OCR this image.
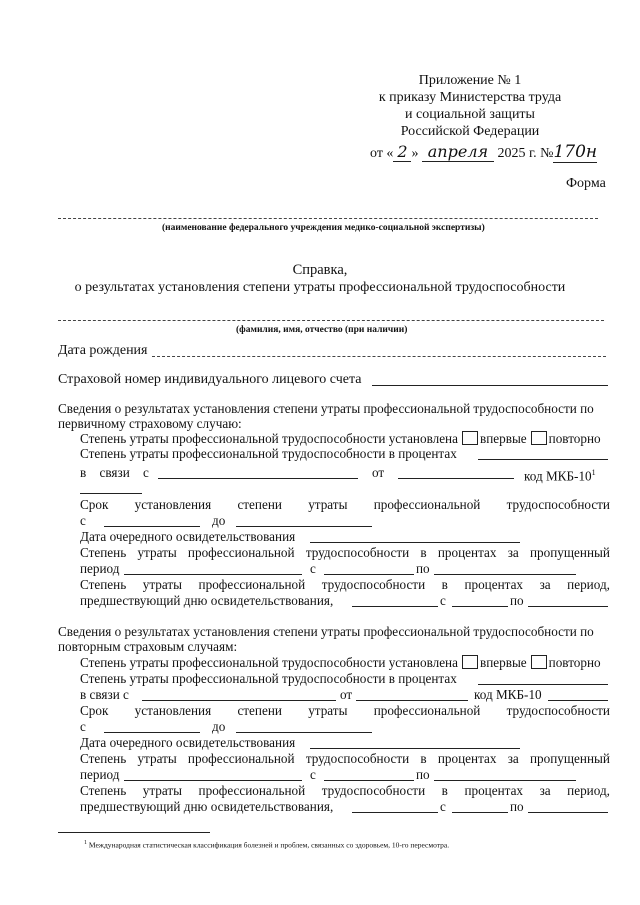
Приложение № 1
к приказу Министерства труда
и социальной защиты
Российской Федерации
от « 2 » апреля 2025 г. №170н
Форма
(наименование федерального учреждения медико-социальной экспертизы)
Справка,
о результатах установления степени утраты профессиональной трудоспособности
(фамилия, имя, отчество (при наличии)
Дата рождения
Страховой номер индивидуального лицевого счета
Сведения о результатах установления степени утраты профессиональной трудоспособности по
первичному страховому случаю:
Степень утраты профессиональной трудоспособности установлена впервые повторно
Степень утраты профессиональной трудоспособности в процентах
в связи с	от	код МКБ-$10^1$
Срок установления степени утраты профессиональной трудоспособности
с	до
Дата очередного освидетельствования
Степень утраты профессиональной трудоспособности в процентах за пропущенный
период	с	по
Степень утраты профессиональной трудоспособности в процентах за период,
предшествующий дню освидетельствования,	с	по
Сведения о результатах установления степени утраты профессиональной трудоспособности по
повторным страховым случаям:
Степень утраты профессиональной трудоспособности установлена впервые повторно
Степень утраты профессиональной трудоспособности в процентах
в связи с	от	код МКБ-10
Срок установления степени утраты профессиональной трудоспособности
с	до
Дата очередного освидетельствования
Степень утраты профессиональной трудоспособности в процентах за пропущенный
период	с	по
Степень утраты профессиональной трудоспособности в процентах за период,
предшествующий дню освидетельствования,	с	по
$^1$ Международная статистическая классификация болезней и проблем, связанных со здоровьем, 10-го пересмотра.
